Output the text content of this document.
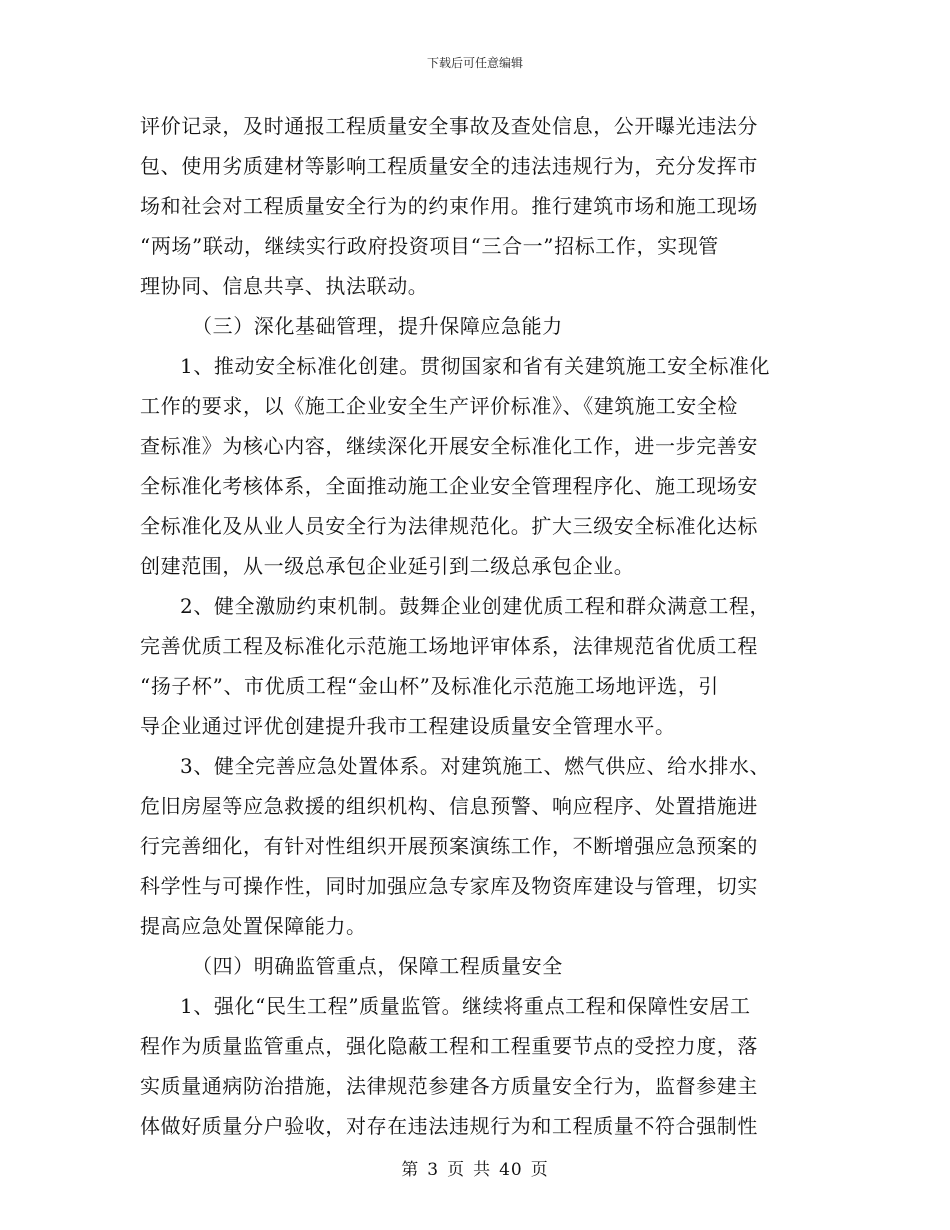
下载后可任意编辑
评价记录，及时通报工程质量安全事故及查处信息，公开曝光违法分
包、使用劣质建材等影响工程质量安全的违法违规行为，充分发挥市
场和社会对工程质量安全行为的约束作用。推行建筑市场和施工现场
“两场”联动，继续实行政府投资项目“三合一”招标工作，实现管
理协同、信息共享、执法联动。
（三）深化基础管理，提升保障应急能力
1、推动安全标准化创建。贯彻国家和省有关建筑施工安全标准化
工作的要求，以《施工企业安全生产评价标准》、《建筑施工安全检
查标准》为核心内容，继续深化开展安全标准化工作，进一步完善安
全标准化考核体系，全面推动施工企业安全管理程序化、施工现场安
全标准化及从业人员安全行为法律规范化。扩大三级安全标准化达标
创建范围，从一级总承包企业延引到二级总承包企业。
2、健全激励约束机制。鼓舞企业创建优质工程和群众满意工程，
完善优质工程及标准化示范施工场地评审体系，法律规范省优质工程
“扬子杯”、市优质工程“金山杯”及标准化示范施工场地评选，引
导企业通过评优创建提升我市工程建设质量安全管理水平。
3、健全完善应急处置体系。对建筑施工、燃气供应、给水排水、
危旧房屋等应急救援的组织机构、信息预警、响应程序、处置措施进
行完善细化，有针对性组织开展预案演练工作，不断增强应急预案的
科学性与可操作性，同时加强应急专家库及物资库建设与管理，切实
提高应急处置保障能力。
（四）明确监管重点，保障工程质量安全
1、强化“民生工程”质量监管。继续将重点工程和保障性安居工
程作为质量监管重点，强化隐蔽工程和工程重要节点的受控力度，落
实质量通病防治措施，法律规范参建各方质量安全行为，监督参建主
体做好质量分户验收，对存在违法违规行为和工程质量不符合强制性
第 3 页 共 40 页
